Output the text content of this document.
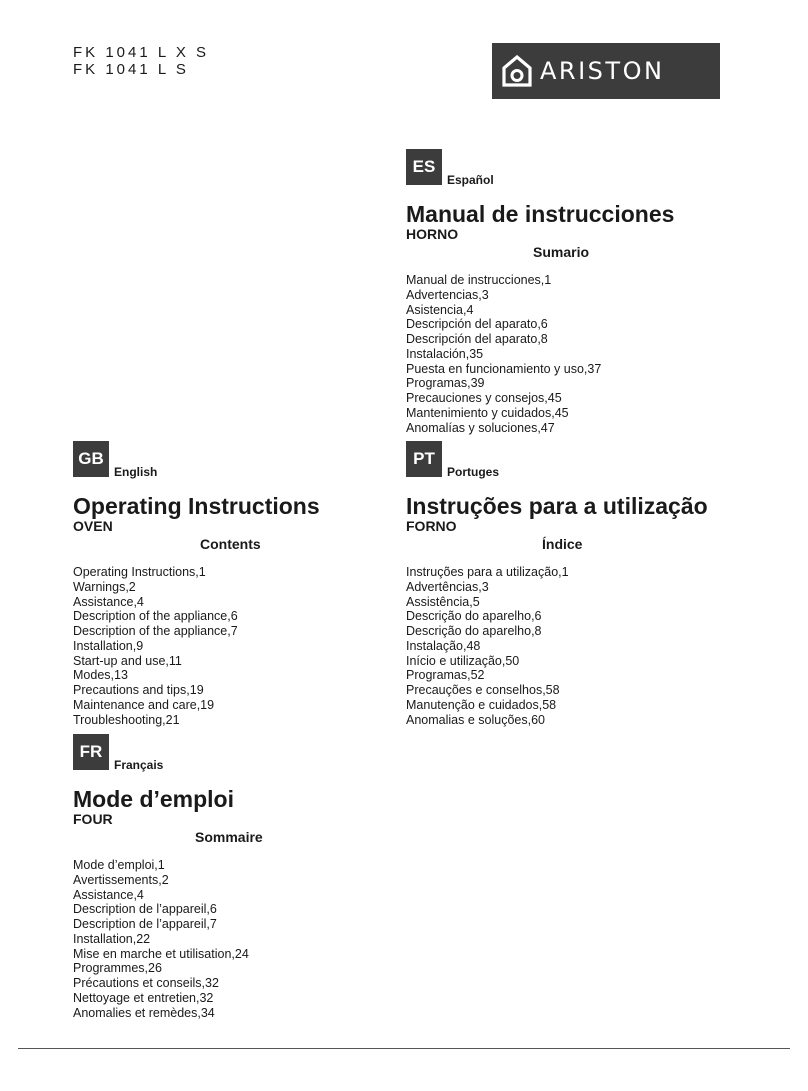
FK 1041 L X S
FK 1041 L S	ARISTON
ES
Español
Manual de instrucciones
HORNO
Sumario
Manual de instrucciones,1
Advertencias,3
Asistencia,4
Descripción del aparato,6
Descripción del aparato,8
Instalación,35
Puesta en funcionamiento y uso,37
Programas,39
Precauciones y consejos,45
Mantenimiento y cuidados,45
Anomalías y soluciones,47
GB
English
Operating Instructions
OVEN
Contents
Operating Instructions,1
Warnings,2
Assistance,4
Description of the appliance,6
Description of the appliance,7
Installation,9
Start-up and use,11
Modes,13
Precautions and tips,19
Maintenance and care,19
Troubleshooting,21
PT
Portuges
Instruções para a utilização
FORNO
Índice
Instruções para a utilização,1
Advertências,3
Assistência,5
Descrição do aparelho,6
Descrição do aparelho,8
Instalação,48
Início e utilização,50
Programas,52
Precauções e conselhos,58
Manutenção e cuidados,58
Anomalias e soluções,60
FR
Français
Mode d’emploi
FOUR
Sommaire
Mode d’emploi,1
Avertissements,2
Assistance,4
Description de l’appareil,6
Description de l’appareil,7
Installation,22
Mise en marche et utilisation,24
Programmes,26
Précautions et conseils,32
Nettoyage et entretien,32
Anomalies et remèdes,34
